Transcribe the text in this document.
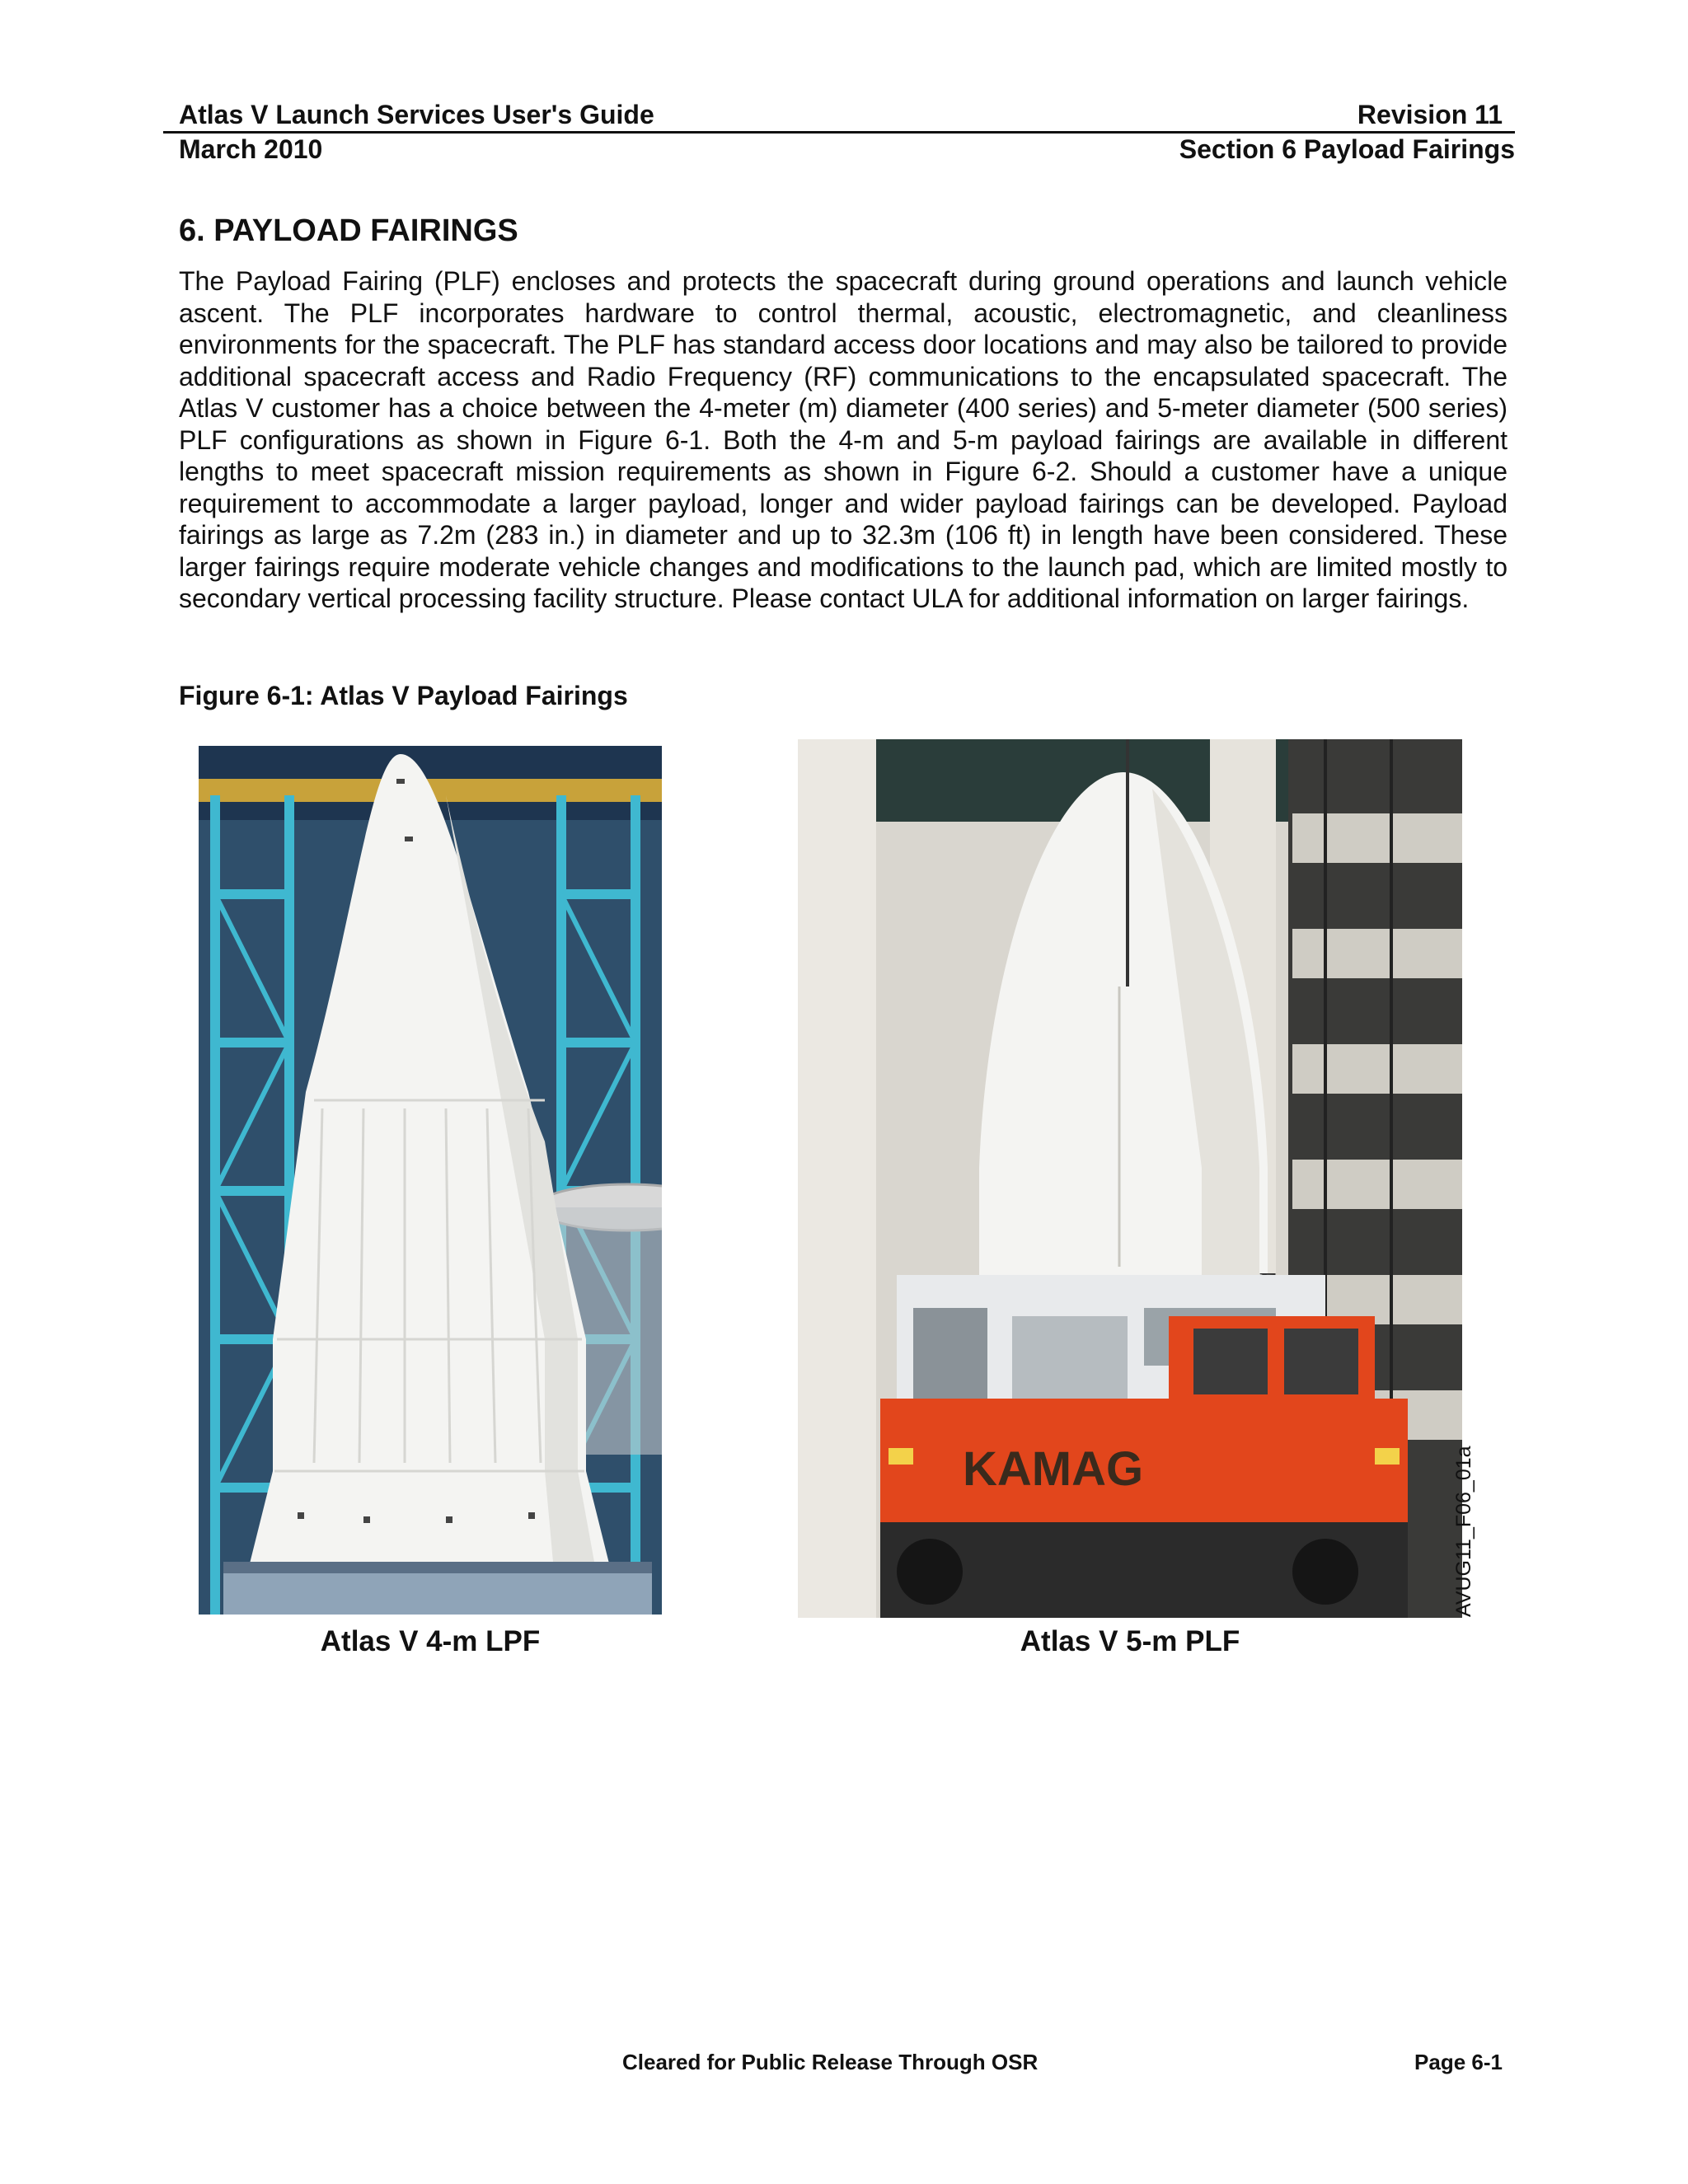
Atlas V Launch Services User's Guide	Revision 11
March 2010	Section 6 Payload Fairings
6. PAYLOAD FAIRINGS

The Payload Fairing (PLF) encloses and protects the spacecraft during ground operations and launch vehicle ascent. The PLF incorporates hardware to control thermal, acoustic, electromagnetic, and cleanliness environments for the spacecraft. The PLF has standard access door locations and may also be tailored to provide additional spacecraft access and Radio Frequency (RF) communications to the encapsulated spacecraft. The Atlas V customer has a choice between the 4-meter (m) diameter (400 series) and 5-meter diameter (500 series) PLF configurations as shown in Figure 6-1. Both the 4-m and 5-m payload fairings are available in different lengths to meet spacecraft mission requirements as shown in Figure 6-2. Should a customer have a unique requirement to accommodate a larger payload, longer and wider payload fairings can be developed. Payload fairings as large as 7.2m (283 in.) in diameter and up to 32.3m (106 ft) in length have been considered. These larger fairings require moderate vehicle changes and modifications to the launch pad, which are limited mostly to secondary vertical processing facility structure. Please contact ULA for additional information on larger fairings.

Figure 6-1: Atlas V Payload Fairings
KAMAG	AVUG11_F06_01a
Atlas V 4-m LPF	Atlas V 5-m PLF
Cleared for Public Release Through OSR	Page 6-1
